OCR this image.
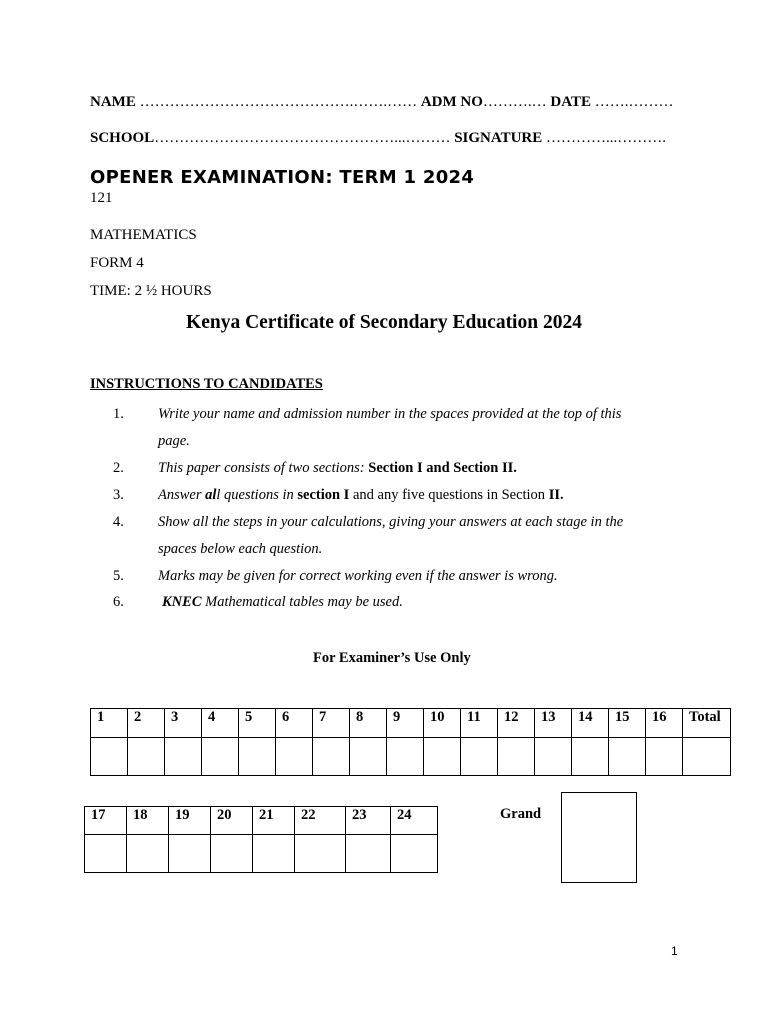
NAME …………………………………….…….…… ADM NO……….… DATE …….………
SCHOOL…………………………………………...……… SIGNATURE …………...……….
OPENER EXAMINATION: TERM 1 2024
121
MATHEMATICS
FORM 4
TIME: 2 ½ HOURS
Kenya Certificate of Secondary Education 2024
INSTRUCTIONS TO CANDIDATES
1. Write your name and admission number in the spaces provided at the top of this
page.
2. This paper consists of two sections: Section I and Section II.
3. Answer all questions in section I and any five questions in Section II.
4. Show all the steps in your calculations, giving your answers at each stage in the
spaces below each question.
5. Marks may be given for correct working even if the answer is wrong.
6.	KNEC Mathematical tables may be used.
For Examiner’s Use Only
1	2	3	4	5	6	7	8	9	10	11	12	13	14	15	16	Total

17	18	19	20	21	22	23	24
								Grand
1
